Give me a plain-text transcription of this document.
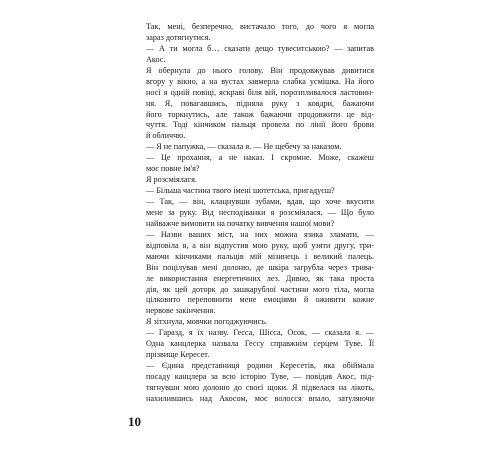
Так, мені, безперечно, вистачало того, до чого я могла
зараз дотягнутися.
— А ти могла б… сказати дещо тувеситською? — запитав
Акос.
Я обернула до нього голову. Він продовжував дивитися
вгору у вікно, а на вустах завмерла слабка усмішка. На його
носі я одній повіці, яскраві біля вій, порозпливалося ластовин-
ня. Я, повагавшись, підняла руку з ковдри, бажаючи
його торкнутись, але також бажаючи продовжити це від-
чуття. Тоді кінчиком пальця провела по лінії його брови
й обличчю.
— Я не папужка, — сказала я. — Не щебечу за наказом.
— Це прохання, а не наказ. І скромне. Може, скажеш
моє повне ім'я?
Я розсміялася.
— Більша частина твого імені шотетська, пригадуєш?
— Так, — він, клацнувши зубами, вдав, що хоче вкусити
мене за руку. Від несподіванки я розсміялася. — Що було
найважче вимовити на початку вивчення нашої мови?
— Назви ваших міст, на них можна язика зламати, —
відповіла я, а він відпустив мою руку, щоб узяти другу, три-
маючи кінчиками пальців мій мізинець і великий палець.
Він поцілував мені долоню, де шкіра загрубла через трива-
ле використання енергетичних лез. Дивно, як така проста
дія, як цей доторк до зашкарублої частини мого тіла, могла
цілковито переповнити мене емоціями й оживити кожне
нервове закінчення.
Я зітхнула, мовчки погоджуючись.
— Гаразд, я їх назву. Гесса, Шісса, Осок, — сказала я. —
Одна канцлерка назвала Гессу справжнім серцем Туве. Її
прізвище Кересет.
— Єдина представниця родини Кересетів, яка обіймала
посаду канцлера за всю історію Туве, — повідав Акос, під-
тягнувши мою долоню до своєї щоки. Я підвелася на лікоть,
нахилившись над Акосом, моє волосся впало, затуляючи
10
